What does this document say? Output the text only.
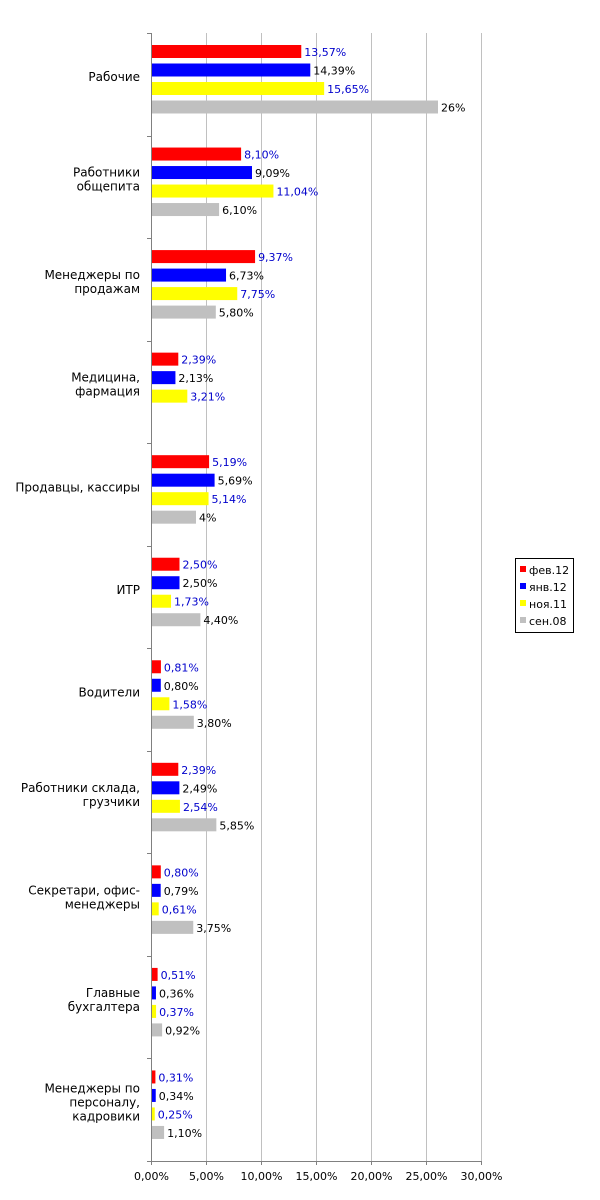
13,57%
14,39%
15,65%
26%
8,10%
9,09%
11,04%
6,10%
9,37%
6,73%
7,75%
5,80%
2,39%
2,13%
3,21%
5,19%
5,69%
5,14%
4%
2,50%
2,50%
1,73%
4,40%
0,81%
0,80%
1,58%
3,80%
2,39%
2,49%
2,54%
5,85%
0,80%
0,79%
0,61%
3,75%
0,51%
0,36%
0,37%
0,92%
0,31%
0,34%
0,25%
1,10%
Рабочие
Работники общепита
Менеджеры по продажам
Медицина, фармация
Продавцы, кассиры
ИТР
Водители
Работники склада, грузчики
Секретари, офис-менеджеры
Главные бухгалтера
Менеджеры по персоналу, кадровики
0,00% 5,00% 10,00% 15,00% 20,00% 25,00% 30,00%
фев.12
янв.12
ноя.11
сен.08
